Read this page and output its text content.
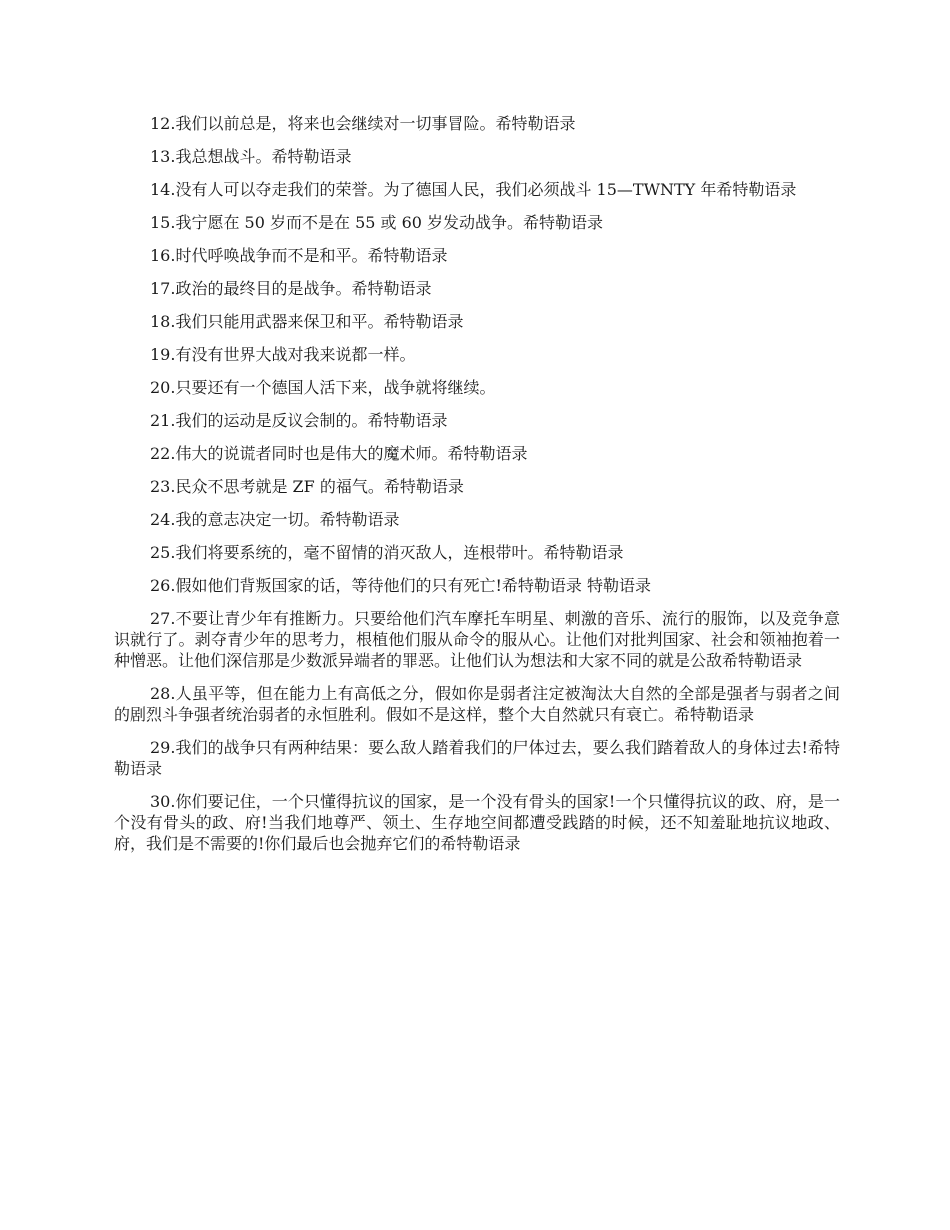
12.我们以前总是，将来也会继续对一切事冒险。希特勒语录

13.我总想战斗。希特勒语录

14.没有人可以夺走我们的荣誉。为了德国人民，我们必须战斗 15—TWNTY 年希特勒语录

15.我宁愿在 50 岁而不是在 55 或 60 岁发动战争。希特勒语录

16.时代呼唤战争而不是和平。希特勒语录

17.政治的最终目的是战争。希特勒语录

18.我们只能用武器来保卫和平。希特勒语录

19.有没有世界大战对我来说都一样。

20.只要还有一个德国人活下来，战争就将继续。

21.我们的运动是反议会制的。希特勒语录

22.伟大的说谎者同时也是伟大的魔术师。希特勒语录

23.民众不思考就是 ZF 的福气。希特勒语录

24.我的意志决定一切。希特勒语录

25.我们将要系统的，毫不留情的消灭敌人，连根带叶。希特勒语录

26.假如他们背叛国家的话，等待他们的只有死亡!希特勒语录 特勒语录

27.不要让青少年有推断力。只要给他们汽车摩托车明星、刺激的音乐、流行的服饰，以及竞争意识就行了。剥夺青少年的思考力，根植他们服从命令的服从心。让他们对批判国家、社会和领袖抱着一种憎恶。让他们深信那是少数派异端者的罪恶。让他们认为想法和大家不同的就是公敌希特勒语录

28.人虽平等，但在能力上有高低之分，假如你是弱者注定被淘汰大自然的全部是强者与弱者之间的剧烈斗争强者统治弱者的永恒胜利。假如不是这样，整个大自然就只有衰亡。希特勒语录

29.我们的战争只有两种结果：要么敌人踏着我们的尸体过去，要么我们踏着敌人的身体过去!希特勒语录

30.你们要记住，一个只懂得抗议的国家，是一个没有骨头的国家!一个只懂得抗议的政、府，是一个没有骨头的政、府!当我们地尊严、领土、生存地空间都遭受践踏的时候，还不知羞耻地抗议地政、府，我们是不需要的!你们最后也会抛弃它们的希特勒语录
